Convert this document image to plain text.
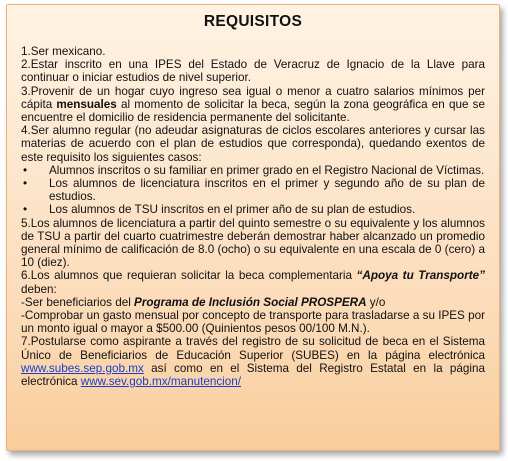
REQUISITOS

1.Ser mexicano.

2.Estar inscrito en una IPES del Estado de Veracruz de Ignacio de la Llave para continuar o iniciar estudios de nivel superior.

3.Provenir de un hogar cuyo ingreso sea igual o menor a cuatro salarios mínimos per cápita mensuales al momento de solicitar la beca, según la zona geográfica en que se encuentre el domicilio de residencia permanente del solicitante.

4.Ser alumno regular (no adeudar asignaturas de ciclos escolares anteriores y cursar las materias de acuerdo con el plan de estudios que corresponda), quedando exentos de este requisito los siguientes casos:

• Alumnos inscritos o su familiar en primer grado en el Registro Nacional de Víctimas.

• Los alumnos de licenciatura inscritos en el primer y segundo año de su plan de estudios.

• Los alumnos de TSU inscritos en el primer año de su plan de estudios.

5.Los alumnos de licenciatura a partir del quinto semestre o su equivalente y los alumnos de TSU a partir del cuarto cuatrimestre deberán demostrar haber alcanzado un promedio general mínimo de calificación de 8.0 (ocho) o su equivalente en una escala de 0 (cero) a 10 (diez).

6.Los alumnos que requieran solicitar la beca complementaria “Apoya tu Transporte” deben:

-Ser beneficiarios del Programa de Inclusión Social PROSPERA y/o

-Comprobar un gasto mensual por concepto de transporte para trasladarse a su IPES por un monto igual o mayor a $500.00 (Quinientos pesos 00/100 M.N.).

7.Postularse como aspirante a través del registro de su solicitud de beca en el Sistema Único de Beneficiarios de Educación Superior (SUBES) en la página electrónica www.subes.sep.gob.mx así como en el Sistema del Registro Estatal en la página electrónica www.sev.gob.mx/manutencion/
